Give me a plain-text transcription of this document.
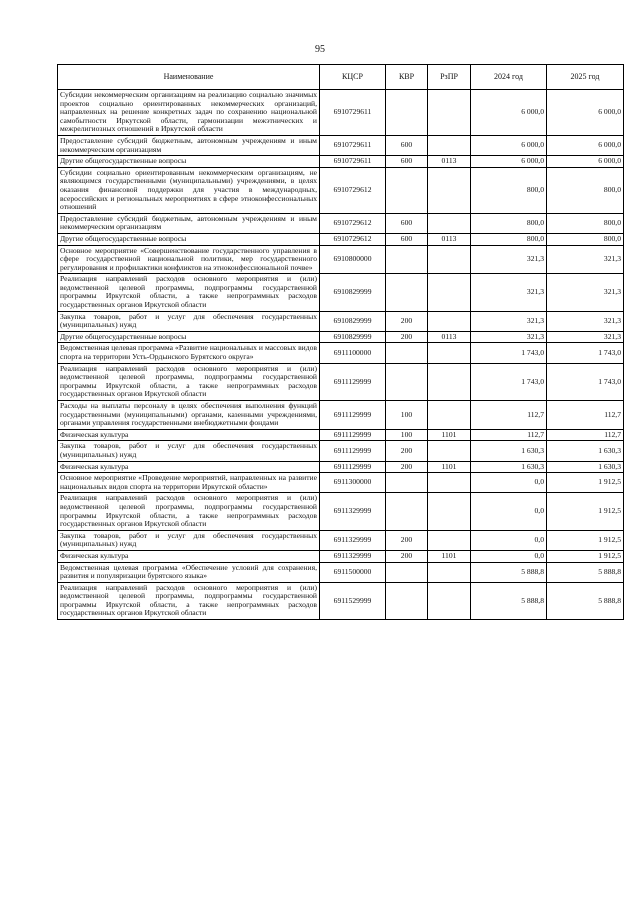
95
Наименование	КЦСР	КВР	РзПР	2024 год	2025 год
Субсидии некоммерческим организациям на реализацию социально значимых проектов социально ориентированных некоммерческих организаций, направленных на решение конкретных задач по сохранению национальной самобытности Иркутской области, гармонизации межэтнических и межрелигиозных отношений в Иркутской области	6910729611			6 000,0	6 000,0
Предоставление субсидий бюджетным, автономным учреждениям и иным некоммерческим организациям	6910729611	600		6 000,0	6 000,0
Другие общегосударственные вопросы	6910729611	600	0113	6 000,0	6 000,0
Субсидии социально ориентированным некоммерческим организациям, не являющимся государственными (муниципальными) учреждениями, в целях оказания финансовой поддержки для участия в международных, всероссийских и региональных мероприятиях в сфере этноконфессиональных отношений	6910729612			800,0	800,0
Предоставление субсидий бюджетным, автономным учреждениям и иным некоммерческим организациям	6910729612	600		800,0	800,0
Другие общегосударственные вопросы	6910729612	600	0113	800,0	800,0
Основное мероприятие «Совершенствование государственного управления в сфере государственной национальной политики, мер государственного регулирования и профилактики конфликтов на этноконфессиональной почве»	6910800000			321,3	321,3
Реализация направлений расходов основного мероприятия и (или) ведомственной целевой программы, подпрограммы государственной программы Иркутской области, а также непрограммных расходов государственных органов Иркутской области	6910829999			321,3	321,3
Закупка товаров, работ и услуг для обеспечения государственных (муниципальных) нужд	6910829999	200		321,3	321,3
Другие общегосударственные вопросы	6910829999	200	0113	321,3	321,3
Ведомственная целевая программа «Развитие национальных и массовых видов спорта на территории Усть-Ордынского Бурятского округа»	6911100000			1 743,0	1 743,0
Реализация направлений расходов основного мероприятия и (или) ведомственной целевой программы, подпрограммы государственной программы Иркутской области, а также непрограммных расходов государственных органов Иркутской области	6911129999			1 743,0	1 743,0
Расходы на выплаты персоналу в целях обеспечения выполнения функций государственными (муниципальными) органами, казенными учреждениями, органами управления государственными внебюджетными фондами	6911129999	100		112,7	112,7
Физическая культура	6911129999	100	1101	112,7	112,7
Закупка товаров, работ и услуг для обеспечения государственных (муниципальных) нужд	6911129999	200		1 630,3	1 630,3
Физическая культура	6911129999	200	1101	1 630,3	1 630,3
Основное мероприятие «Проведение мероприятий, направленных на развитие национальных видов спорта на территории Иркутской области»	6911300000			0,0	1 912,5
Реализация направлений расходов основного мероприятия и (или) ведомственной целевой программы, подпрограммы государственной программы Иркутской области, а также непрограммных расходов государственных органов Иркутской области	6911329999			0,0	1 912,5
Закупка товаров, работ и услуг для обеспечения государственных (муниципальных) нужд	6911329999	200		0,0	1 912,5
Физическая культура	6911329999	200	1101	0,0	1 912,5
Ведомственная целевая программа «Обеспечение условий для сохранения, развития и популяризации бурятского языка»	6911500000			5 888,8	5 888,8
Реализация направлений расходов основного мероприятия и (или) ведомственной целевой программы, подпрограммы государственной программы Иркутской области, а также непрограммных расходов государственных органов Иркутской области	6911529999			5 888,8	5 888,8
